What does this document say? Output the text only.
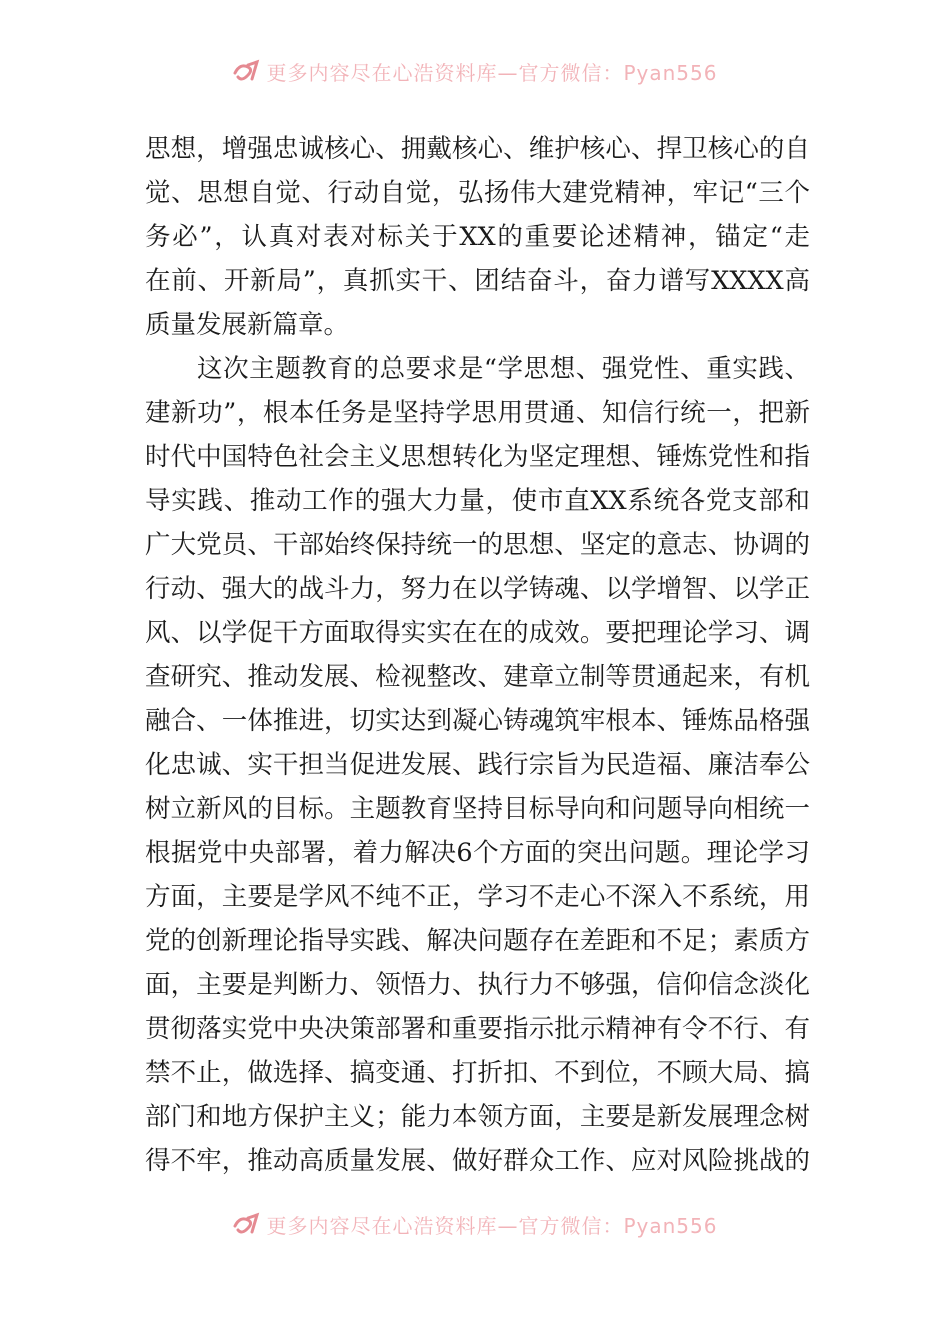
更多内容尽在心浩资料库—官方微信：Pyan556
思想，增强忠诚核心、拥戴核心、维护核心、捍卫核心的自
觉、思想自觉、行动自觉，弘扬伟大建党精神，牢记“三个
务必”，认真对表对标关于XX的重要论述精神，锚定“走
在前、开新局”，真抓实干、团结奋斗，奋力谱写XXXX高
质量发展新篇章。
这次主题教育的总要求是“学思想、强党性、重实践、
建新功”，根本任务是坚持学思用贯通、知信行统一，把新
时代中国特色社会主义思想转化为坚定理想、锤炼党性和指
导实践、推动工作的强大力量，使市直XX系统各党支部和
广大党员、干部始终保持统一的思想、坚定的意志、协调的
行动、强大的战斗力，努力在以学铸魂、以学增智、以学正
风、以学促干方面取得实实在在的成效。要把理论学习、调
查研究、推动发展、检视整改、建章立制等贯通起来，有机
融合、一体推进，切实达到凝心铸魂筑牢根本、锤炼品格强
化忠诚、实干担当促进发展、践行宗旨为民造福、廉洁奉公
树立新风的目标。主题教育坚持目标导向和问题导向相统一
根据党中央部署，着力解决6个方面的突出问题。理论学习
方面，主要是学风不纯不正，学习不走心不深入不系统，用
党的创新理论指导实践、解决问题存在差距和不足；素质方
面，主要是判断力、领悟力、执行力不够强，信仰信念淡化
贯彻落实党中央决策部署和重要指示批示精神有令不行、有
禁不止，做选择、搞变通、打折扣、不到位，不顾大局、搞
部门和地方保护主义；能力本领方面，主要是新发展理念树
得不牢，推动高质量发展、做好群众工作、应对风险挑战的
更多内容尽在心浩资料库—官方微信：Pyan556
